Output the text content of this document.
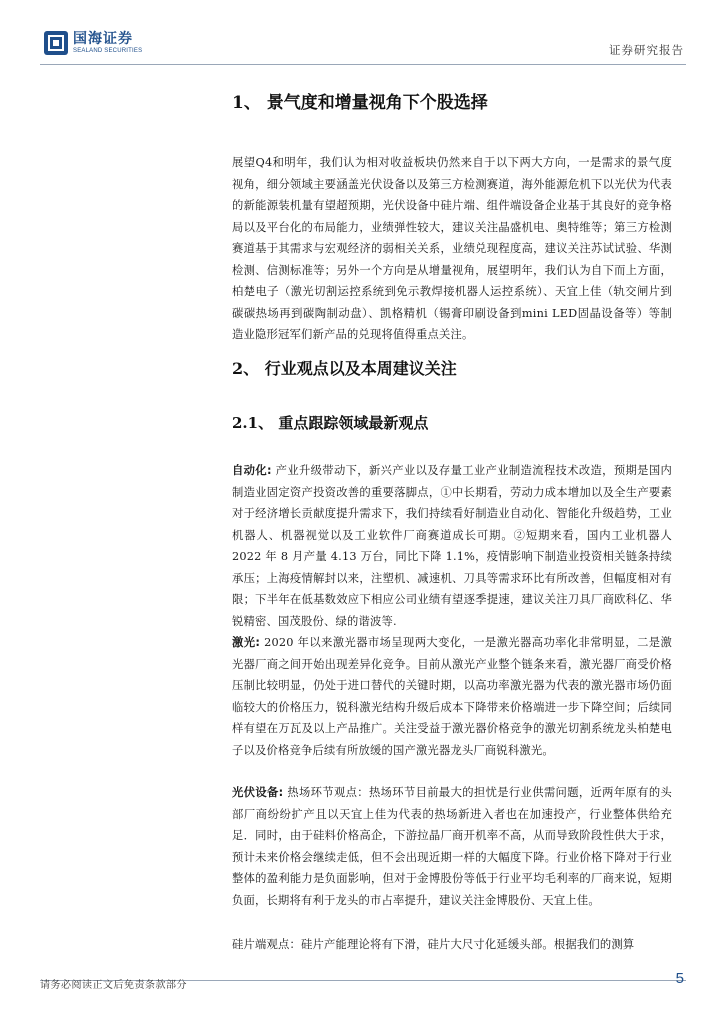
国海证券
SEALAND SECURITIES	证券研究报告
1、 景气度和增量视角下个股选择
展望Q4和明年，我们认为相对收益板块仍然来自于以下两大方向，一是需求的景气度视角，细分领域主要涵盖光伏设备以及第三方检测赛道，海外能源危机下以光伏为代表的新能源装机量有望超预期，光伏设备中硅片端、组件端设备企业基于其良好的竞争格局以及平台化的布局能力，业绩弹性较大，建议关注晶盛机电、奥特维等；第三方检测赛道基于其需求与宏观经济的弱相关关系，业绩兑现程度高，建议关注苏试试验、华测检测、信测标准等；另外一个方向是从增量视角，展望明年，我们认为自下而上方面，柏楚电子（激光切割运控系统到免示教焊接机器人运控系统）、天宜上佳（轨交闸片到碳碳热场再到碳陶制动盘）、凯格精机（锡膏印刷设备到mini LED固晶设备等）等制造业隐形冠军们新产品的兑现将值得重点关注。
2、 行业观点以及本周建议关注
2.1、 重点跟踪领域最新观点
自动化: 产业升级带动下，新兴产业以及存量工业产业制造流程技术改造，预期是国内制造业固定资产投资改善的重要落脚点，①中长期看，劳动力成本增加以及全生产要素对于经济增长贡献度提升需求下，我们持续看好制造业自动化、智能化升级趋势，工业机器人、机器视觉以及工业软件厂商赛道成长可期。②短期来看，国内工业机器人 2022 年 8 月产量 4.13 万台，同比下降 1.1%，疫情影响下制造业投资相关链条持续承压；上海疫情解封以来，注塑机、减速机、刀具等需求环比有所改善，但幅度相对有限；下半年在低基数效应下相应公司业绩有望逐季提速，建议关注刀具厂商欧科亿、华锐精密、国茂股份、绿的谐波等.
激光: 2020 年以来激光器市场呈现两大变化，一是激光器高功率化非常明显，二是激光器厂商之间开始出现差异化竞争。目前从激光产业整个链条来看，激光器厂商受价格压制比较明显，仍处于进口替代的关键时期，以高功率激光器为代表的激光器市场仍面临较大的价格压力，锐科激光结构升级后成本下降带来价格端进一步下降空间；后续同样有望在万瓦及以上产品推广。关注受益于激光器价格竞争的激光切割系统龙头柏楚电子以及价格竞争后续有所放缓的国产激光器龙头厂商锐科激光。
光伏设备: 热场环节观点：热场环节目前最大的担忧是行业供需问题，近两年原有的头部厂商纷纷扩产且以天宜上佳为代表的热场新进入者也在加速投产，行业整体供给充足．同时，由于硅料价格高企，下游拉晶厂商开机率不高，从而导致阶段性供大于求，预计未来价格会继续走低，但不会出现近期一样的大幅度下降。行业价格下降对于行业整体的盈利能力是负面影响，但对于金博股份等低于行业平均毛利率的厂商来说，短期负面，长期将有利于龙头的市占率提升，建议关注金博股份、天宜上佳。
硅片端观点：硅片产能理论将有下滑，硅片大尺寸化延缓头部。根据我们的测算
请务必阅读正文后免责条款部分	5
